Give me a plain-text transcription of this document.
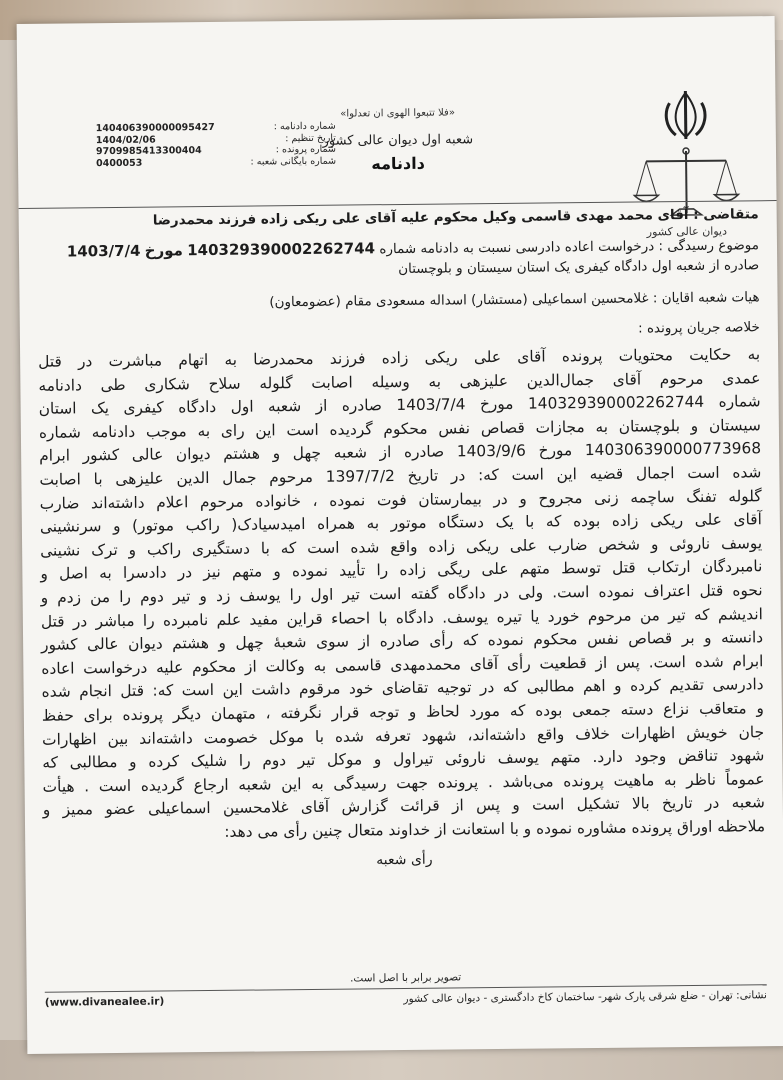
دیوان عالی کشور
«فلا تتبعوا الهوی ان تعدلوا»
شعبه اول دیوان عالی کشور
دادنامه
شماره دادنامه :
140406390000095427
تاریخ تنظیم :
1404/02/06
شماره پرونده :
9709985413300404
شماره بایگانی شعبه :
0400053

متقاضی : آقای محمد مهدی قاسمی وکیل محکوم علیه آقای علی ریکی زاده فرزند محمدرضا

موضوع رسیدگی : درخواست اعاده دادرسی نسبت به دادنامه شماره 140329390002262744 مورخ 1403/7/4
صادره از شعبه اول دادگاه کیفری یک استان سیستان و بلوچستان

هیات شعبه اقایان : غلامحسین اسماعیلی (مستشار) اسداله مسعودی مقام (عضومعاون)

خلاصه جریان پرونده :

به حکایت محتویات پرونده آقای علی ریکی زاده فرزند محمدرضا به اتهام مباشرت در قتل
عمدی مرحوم آقای جمال‌الدین علیزهی به وسیله اصابت گلوله سلاح شکاری طی دادنامه
شماره 140329390002262744 مورخ 1403/7/4 صادره از شعبه اول دادگاه کیفری یک استان
سیستان و بلوچستان به مجازات قصاص نفس محکوم گردیده است این رای به موجب دادنامه شماره
140306390000773968 مورخ 1403/9/6 صادره از شعبه چهل و هشتم دیوان عالی کشور ابرام
شده است اجمال قضیه این است که: در تاریخ 1397/7/2 مرحوم جمال الدین علیزهی با اصابت
گلوله تفنگ ساچمه زنی مجروح و در بیمارستان فوت نموده ، خانواده مرحوم اعلام داشته‌اند ضارب
آقای علی ریکی زاده بوده که با یک دستگاه موتور به همراه امیدسیادک( راکب موتور) و سرنشینی
یوسف ناروئی و شخص ضارب علی ریکی زاده واقع شده است که با دستگیری راکب و ترک نشینی
نامبردگان ارتکاب قتل توسط متهم علی ریگی زاده را تأیید نموده و متهم نیز در دادسرا به اصل و
نحوه قتل اعتراف نموده است. ولی در دادگاه گفته است تیر اول را یوسف زد و تیر دوم را من زدم و
اندیشم که تیر من مرحوم خورد یا تیره یوسف. دادگاه با احصاء قراین مفید علم نامبرده را مباشر در قتل
دانسته و بر قصاص نفس محکوم نموده که رأی صادره از سوی شعبهٔ چهل و هشتم دیوان عالی کشور
ابرام شده است. پس از قطعیت رأی آقای محمدمهدی قاسمی به وکالت از محکوم علیه درخواست اعاده
دادرسی تقدیم کرده و اهم مطالبی که در توجیه تقاضای خود مرقوم داشت این است که: قتل انجام شده
و متعاقب نزاع دسته جمعی بوده که مورد لحاظ و توجه قرار نگرفته ، متهمان دیگر پرونده برای حفظ
جان خویش اظهارات خلاف واقع داشته‌اند، شهود تعرفه شده با موکل خصومت داشته‌اند بین اظهارات
شهود تناقض وجود دارد. متهم یوسف ناروئی تیراول و موکل تیر دوم را شلیک کرده و مطالبی که
عموماً ناظر به ماهیت پرونده می‌باشد . پرونده جهت رسیدگی به این شعبه ارجاع گردیده است . هیأت
شعبه در تاریخ بالا تشکیل است و پس از قرائت گزارش آقای غلامحسین اسماعیلی عضو ممیز و
ملاحظه اوراق پرونده مشاوره نموده و با استعانت از خداوند متعال چنین رأی می دهد:
رأی شعبه
تصویر برابر با اصل است.
نشانی: تهران - ضلع شرقی پارک شهر- ساختمان کاخ دادگستری - دیوان عالی کشور
(www.divanealee.ir)
